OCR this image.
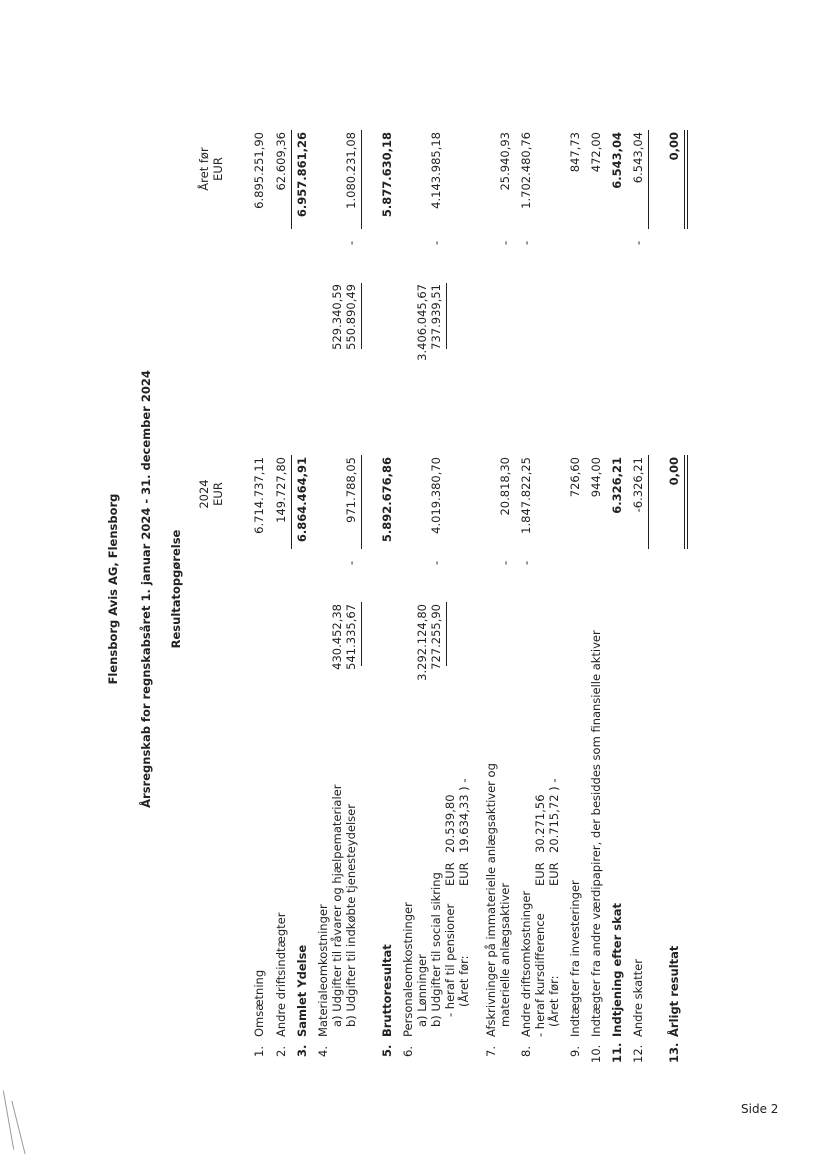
Flensborg Avis AG, Flensborg Årsregnskab for regnskabsåret 1. januar 2024 - 31. december 2024 Resultatopgørelse
2024 EUR
Året før EUR
1.
Omsætning
6.714.737,11
6.895.251,90
2.
Andre driftsindtægter
149.727,80
62.609,36
3.
Samlet Ydelse
6.864.464,91
6.957.861,26
4.
Materialeomkostninger a) Udgifter til råvarer og hjælpematerialer
430.452,38
529.340,59
b) Udgifter til indkøbte tjenesteydelser
541.335,67
550.890,49
-
971.788,05
-
1.080.231,08
5.
Bruttoresultat
5.892.676,86
5.877.630,18
6.
Personaleomkostninger a) Lønninger
3.292.124,80
3.406.045,67
b) Udgifter til social sikring
727.255,90
737.939,51
-
4.019.380,70
-
4.143.985,18
- heraf til pensioner
EUR
20.539,80
(Året før:
EUR
19.634,33 ) -
7.
Afskrivninger på immaterielle anlægsaktiver og materielle anlægsaktiver
-
20.818,30
-
25.940,93
8.
Andre driftsomkostninger
-
1.847.822,25
-
1.702.480,76
- heraf kursdifference
EUR
30.271,56
(Året før:
EUR
20.715,72 ) -
9.
Indtægter fra investeringer
726,60
847,73
10.
Indtægter fra andre værdipapirer, der besiddes som finansielle aktiver
944,00
472,00
11.
Indtjening efter skat
6.326,21
6.543,04
12.
Andre skatter
-6.326,21
-
6.543,04
13.
Årligt resultat
0,00
0,00
Side 2
